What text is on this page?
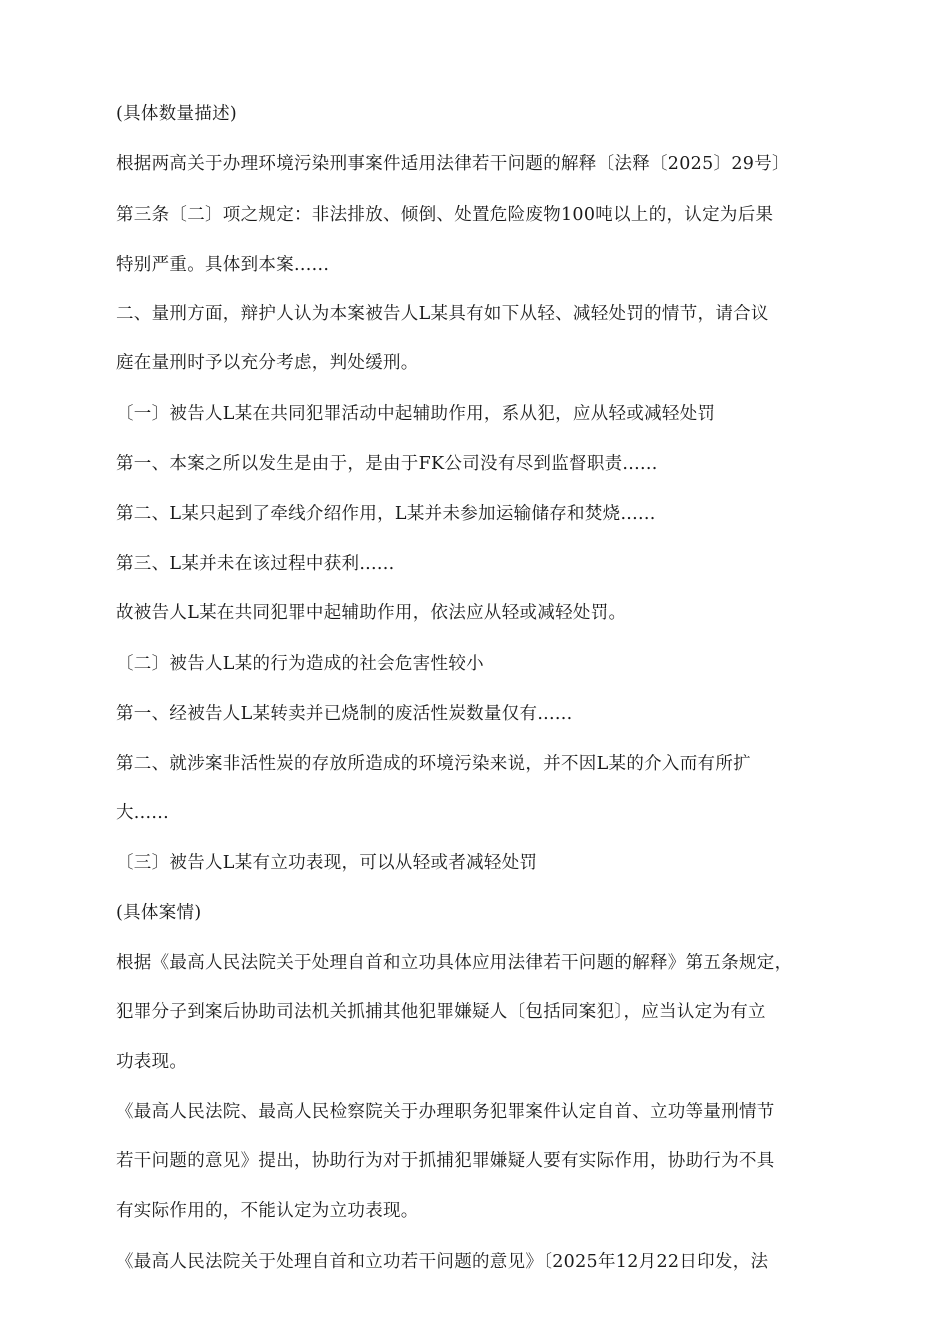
(具体数量描述)
根据两高关于办理环境污染刑事案件适用法律若干问题的解释〔法释〔2025〕29号〕
第三条〔二〕项之规定：非法排放、倾倒、处置危险废物100吨以上的，认定为后果
特别严重。具体到本案......
二、量刑方面，辩护人认为本案被告人L某具有如下从轻、减轻处罚的情节，请合议
庭在量刑时予以充分考虑，判处缓刑。
〔一〕被告人L某在共同犯罪活动中起辅助作用，系从犯，应从轻或减轻处罚
第一、本案之所以发生是由于，是由于FK公司没有尽到监督职责......
第二、L某只起到了牵线介绍作用，L某并未参加运输储存和焚烧......
第三、L某并未在该过程中获利......
故被告人L某在共同犯罪中起辅助作用，依法应从轻或减轻处罚。
〔二〕被告人L某的行为造成的社会危害性较小
第一、经被告人L某转卖并已烧制的废活性炭数量仅有......
第二、就涉案非活性炭的存放所造成的环境污染来说，并不因L某的介入而有所扩
大......
〔三〕被告人L某有立功表现，可以从轻或者减轻处罚
(具体案情)
根据《最高人民法院关于处理自首和立功具体应用法律若干问题的解释》第五条规定，
犯罪分子到案后协助司法机关抓捕其他犯罪嫌疑人〔包括同案犯〕，应当认定为有立
功表现。
《最高人民法院、最高人民检察院关于办理职务犯罪案件认定自首、立功等量刑情节
若干问题的意见》提出，协助行为对于抓捕犯罪嫌疑人要有实际作用，协助行为不具
有实际作用的，不能认定为立功表现。
《最高人民法院关于处理自首和立功若干问题的意见》〔2025年12月22日印发，法
